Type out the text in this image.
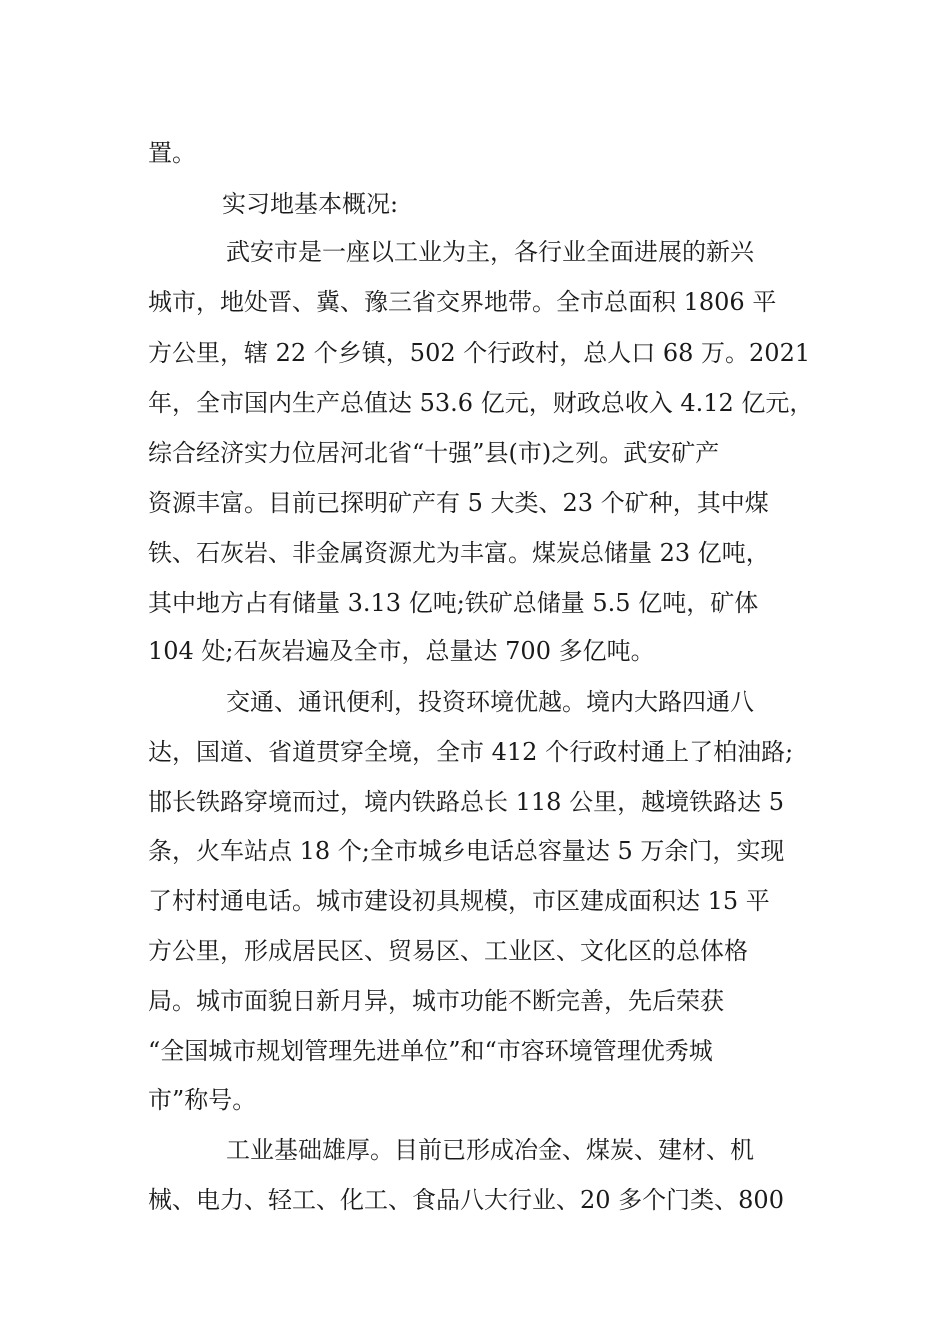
置。
实习地基本概况:
武安市是一座以工业为主，各行业全面进展的新兴
城市，地处晋、冀、豫三省交界地带。全市总面积 1806 平
方公里，辖 22 个乡镇，502 个行政村，总人口 68 万。2021
年，全市国内生产总值达 53.6 亿元，财政总收入 4.12 亿元，
综合经济实力位居河北省“十强”县(市)之列。武安矿产
资源丰富。目前已探明矿产有 5 大类、23 个矿种，其中煤
铁、石灰岩、非金属资源尤为丰富。煤炭总储量 23 亿吨，
其中地方占有储量 3.13 亿吨;铁矿总储量 5.5 亿吨，矿体
104 处;石灰岩遍及全市，总量达 700 多亿吨。
交通、通讯便利，投资环境优越。境内大路四通八
达，国道、省道贯穿全境，全市 412 个行政村通上了柏油路;
邯长铁路穿境而过，境内铁路总长 118 公里，越境铁路达 5
条，火车站点 18 个;全市城乡电话总容量达 5 万余门，实现
了村村通电话。城市建设初具规模，市区建成面积达 15 平
方公里，形成居民区、贸易区、工业区、文化区的总体格
局。城市面貌日新月异，城市功能不断完善，先后荣获
“全国城市规划管理先进单位”和“市容环境管理优秀城
市”称号。
工业基础雄厚。目前已形成冶金、煤炭、建材、机
械、电力、轻工、化工、食品八大行业、20 多个门类、800
